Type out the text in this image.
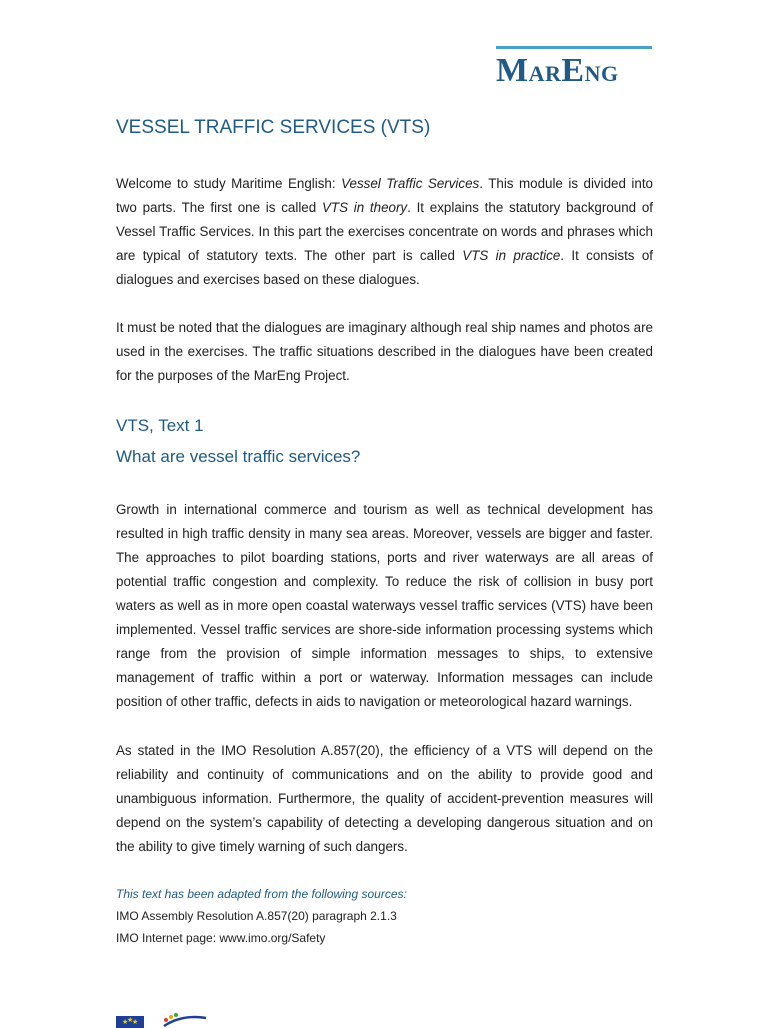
MARENG
VESSEL TRAFFIC SERVICES (VTS)

Welcome to study Maritime English: Vessel Traffic Services. This module is divided into two parts. The first one is called VTS in theory. It explains the statutory background of Vessel Traffic Services. In this part the exercises concentrate on words and phrases which are typical of statutory texts. The other part is called VTS in practice. It consists of dialogues and exercises based on these dialogues.

It must be noted that the dialogues are imaginary although real ship names and photos are used in the exercises. The traffic situations described in the dialogues have been created for the purposes of the MarEng Project.

VTS, Text 1
What are vessel traffic services?

Growth in international commerce and tourism as well as technical development has resulted in high traffic density in many sea areas. Moreover, vessels are bigger and faster. The approaches to pilot boarding stations, ports and river waterways are all areas of potential traffic congestion and complexity. To reduce the risk of collision in busy port waters as well as in more open coastal waterways vessel traffic services (VTS) have been implemented. Vessel traffic services are shore-side information processing systems which range from the provision of simple information messages to ships, to extensive management of traffic within a port or waterway. Information messages can include position of other traffic, defects in aids to navigation or meteorological hazard warnings.

As stated in the IMO Resolution A.857(20), the efficiency of a VTS will depend on the reliability and continuity of communications and on the ability to provide good and unambiguous information. Furthermore, the quality of accident-prevention measures will depend on the system’s capability of detecting a developing dangerous situation and on the ability to give timely warning of such dangers.

This text has been adapted from the following sources:
IMO Assembly Resolution A.857(20) paragraph 2.1.3
IMO Internet page: www.imo.org/Safety
★
★ ★
